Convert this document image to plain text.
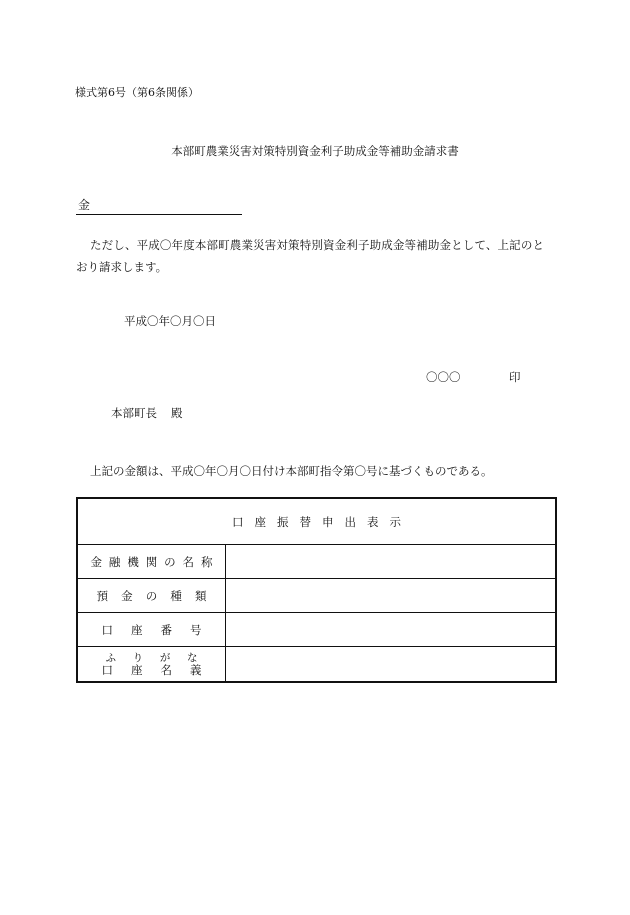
様式第6号（第6条関係）
本部町農業災害対策特別資金利子助成金等補助金請求書
金
ただし、平成〇年度本部町農業災害対策特別資金利子助成金等補助金として、上記のと
おり請求します。
平成〇年〇月〇日
〇〇〇	印
本部町長 殿
上記の金額は、平成〇年〇月〇日付け本部町指令第〇号に基づくものである。
口座振替申出表示
金 融 機 関 の 名 称
預 金 の 種 類
口 座 番 号
ふ り が な
口 座 名 義
